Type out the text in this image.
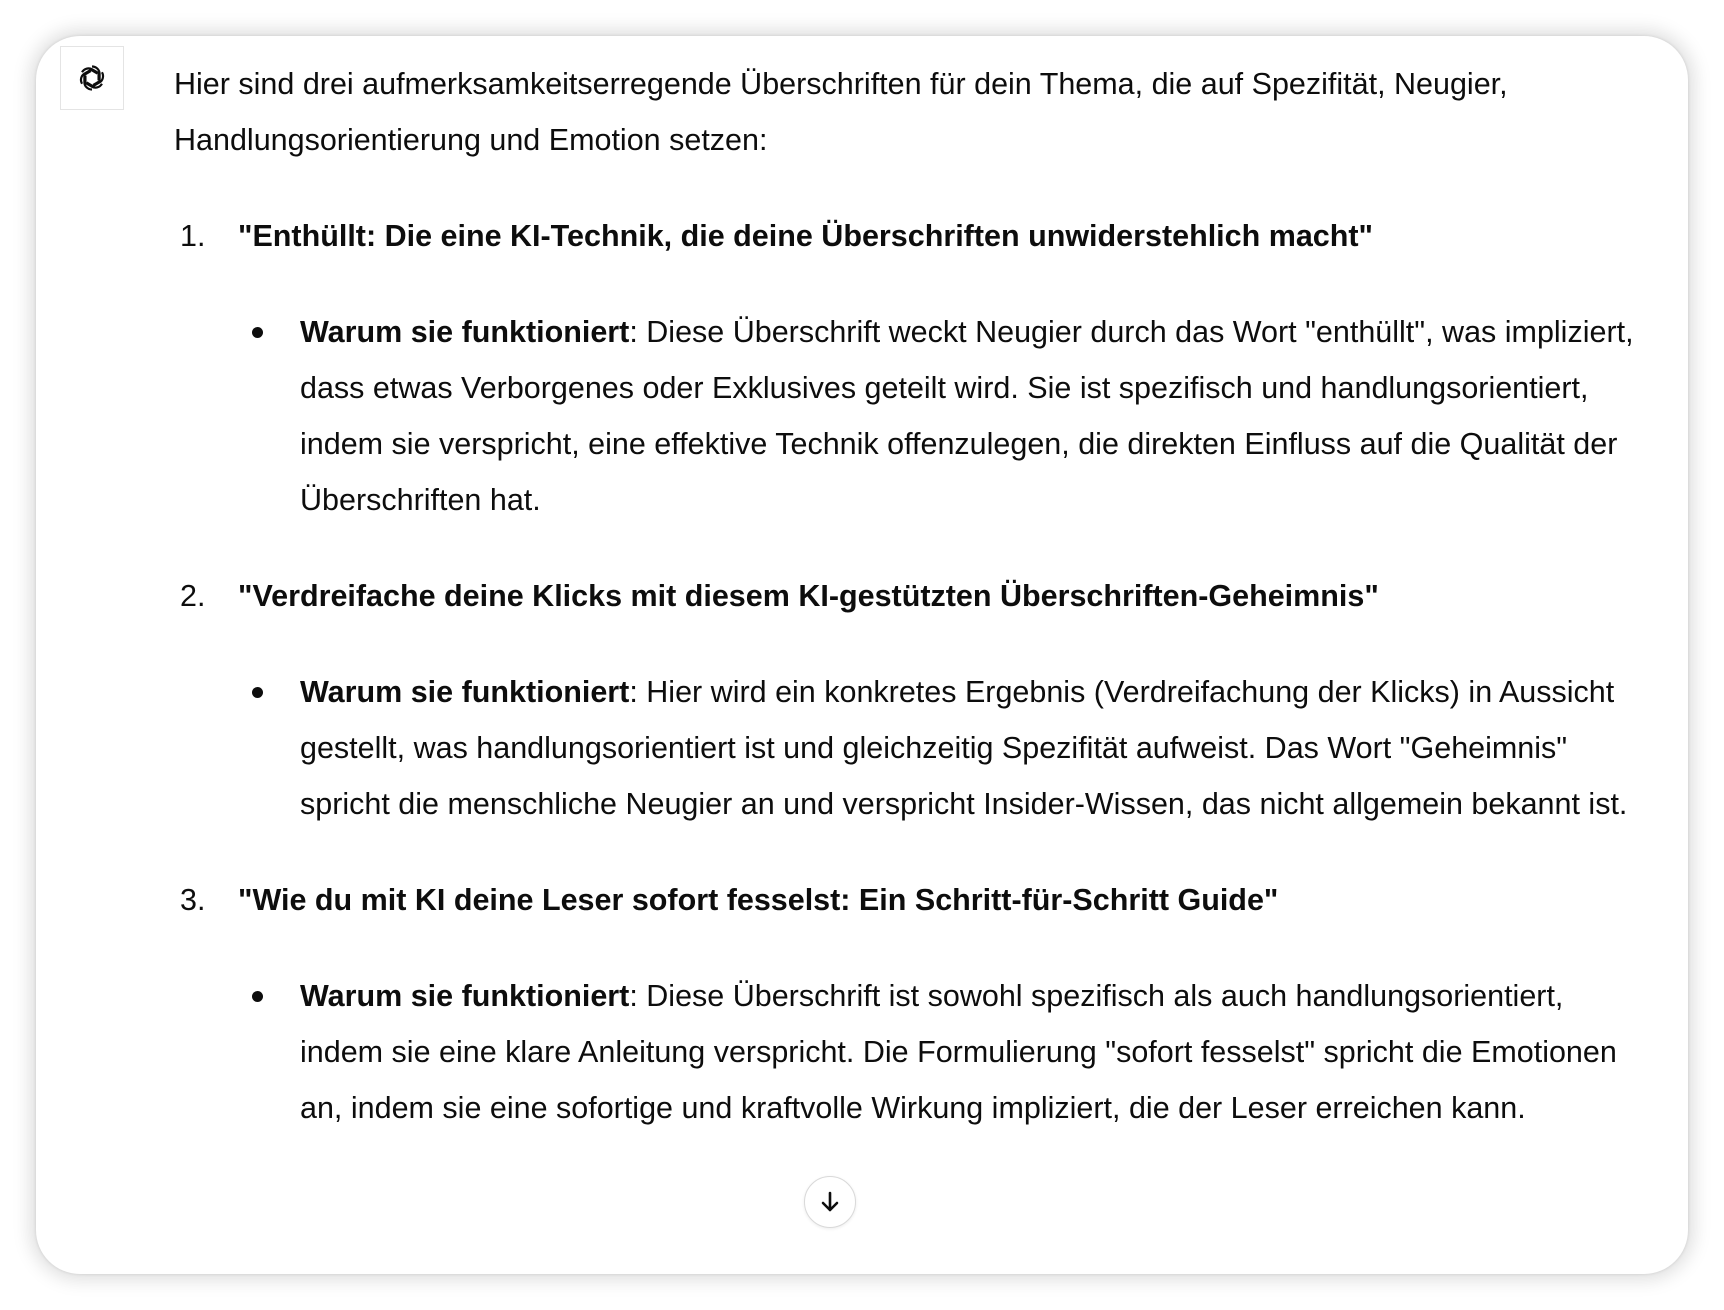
Hier sind drei aufmerksamkeitserregende Überschriften für dein Thema, die auf Spezifität, Neugier, Handlungsorientierung und Emotion setzen:

1. "Enthüllt: Die eine KI-Technik, die deine Überschriften unwiderstehlich macht"
Warum sie funktioniert: Diese Überschrift weckt Neugier durch das Wort "enthüllt", was impliziert, dass etwas Verborgenes oder Exklusives geteilt wird. Sie ist spezifisch und handlungsorientiert, indem sie verspricht, eine effektive Technik offenzulegen, die direkten Einfluss auf die Qualität der Überschriften hat.
2. "Verdreifache deine Klicks mit diesem KI-gestützten Überschriften-Geheimnis"
Warum sie funktioniert: Hier wird ein konkretes Ergebnis (Verdreifachung der Klicks) in Aussicht gestellt, was handlungsorientiert ist und gleichzeitig Spezifität aufweist. Das Wort "Geheimnis" spricht die menschliche Neugier an und verspricht Insider-Wissen, das nicht allgemein bekannt ist.
3. "Wie du mit KI deine Leser sofort fesselst: Ein Schritt-für-Schritt Guide"
Warum sie funktioniert: Diese Überschrift ist sowohl spezifisch als auch handlungsorientiert, indem sie eine klare Anleitung verspricht. Die Formulierung "sofort fesselst" spricht die Emotionen an, indem sie eine sofortige und kraftvolle Wirkung impliziert, die der Leser erreichen kann.
